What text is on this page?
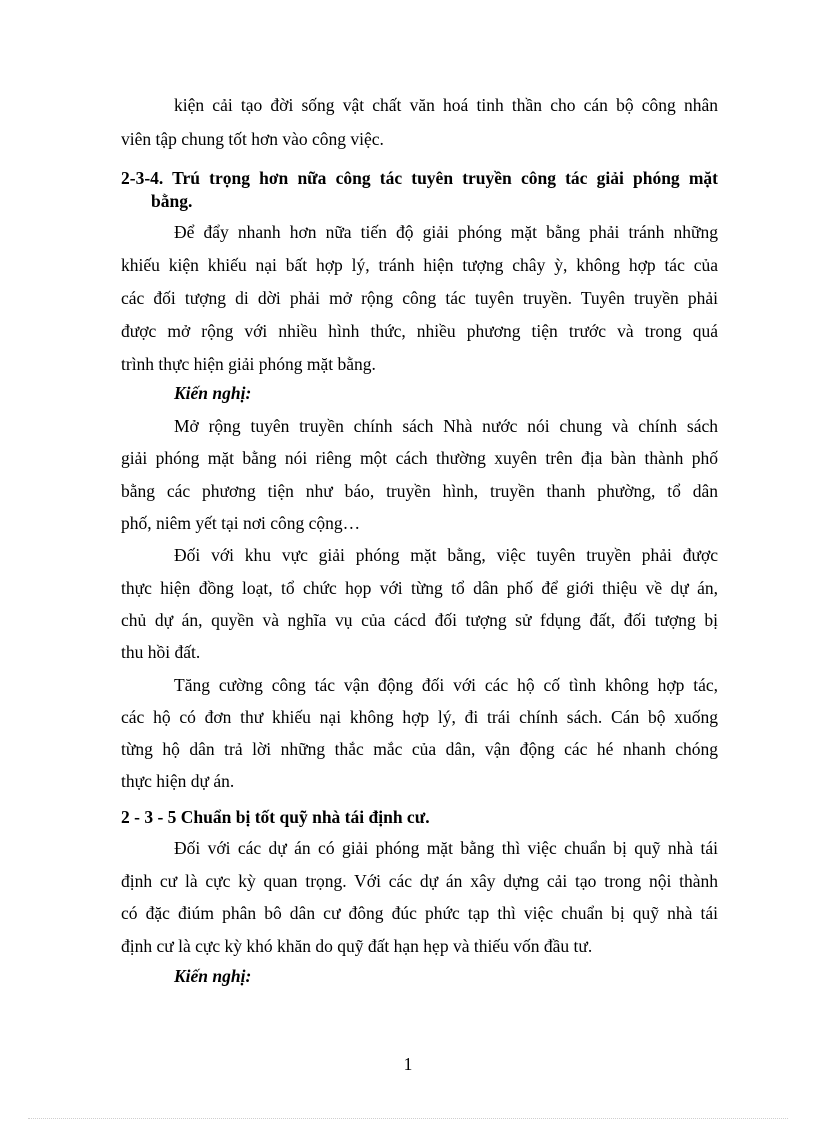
kiện cải tạo đời sống vật chất văn hoá tinh thần cho cán bộ công nhân
viên tập chung tốt hơn vào công việc.
2-3-4. Trú trọng hơn nữa công tác tuyên truyền công tác giải phóng mặt
bằng.
Để đẩy nhanh hơn nữa tiến độ giải phóng mặt bằng phải tránh những
khiếu kiện khiếu nại bất hợp lý, tránh hiện tượng chây ỳ, không hợp tác của
các đối tượng di dời phải mở rộng công tác tuyên truyền. Tuyên truyền phải
được mở rộng với nhiều hình thức, nhiều phương tiện trước và trong quá
trình thực hiện giải phóng mặt bằng.
Kiến nghị:
Mở rộng tuyên truyền chính sách Nhà nước nói chung và chính sách
giải phóng mặt bằng nói riêng một cách thường xuyên trên địa bàn thành phố
bằng các phương tiện như báo, truyền hình, truyền thanh phường, tổ dân
phố, niêm yết tại nơi công cộng…
Đối với khu vực giải phóng mặt bằng, việc tuyên truyền phải được
thực hiện đồng loạt, tổ chức họp với từng tổ dân phố để giới thiệu về dự án,
chủ dự án, quyền và nghĩa vụ của cácd đối tượng sử fdụng đất, đối tượng bị
thu hồi đất.
Tăng cường công tác vận động đối với các hộ cố tình không hợp tác,
các hộ có đơn thư khiếu nại không hợp lý, đi trái chính sách. Cán bộ xuống
từng hộ dân trả lời những thắc mắc của dân, vận động các hé nhanh chóng
thực hiện dự án.
2 - 3 - 5 Chuẩn bị tốt quỹ nhà tái định cư.
Đối với các dự án có giải phóng mặt bằng thì việc chuẩn bị quỹ nhà tái
định cư là cực kỳ quan trọng. Với các dự án xây dựng cải tạo trong nội thành
có đặc điúm phân bô dân cư đông đúc phức tạp thì việc chuẩn bị quỹ nhà tái
định cư là cực kỳ khó khăn do quỹ đất hạn hẹp và thiếu vốn đầu tư.
Kiến nghị:
1
